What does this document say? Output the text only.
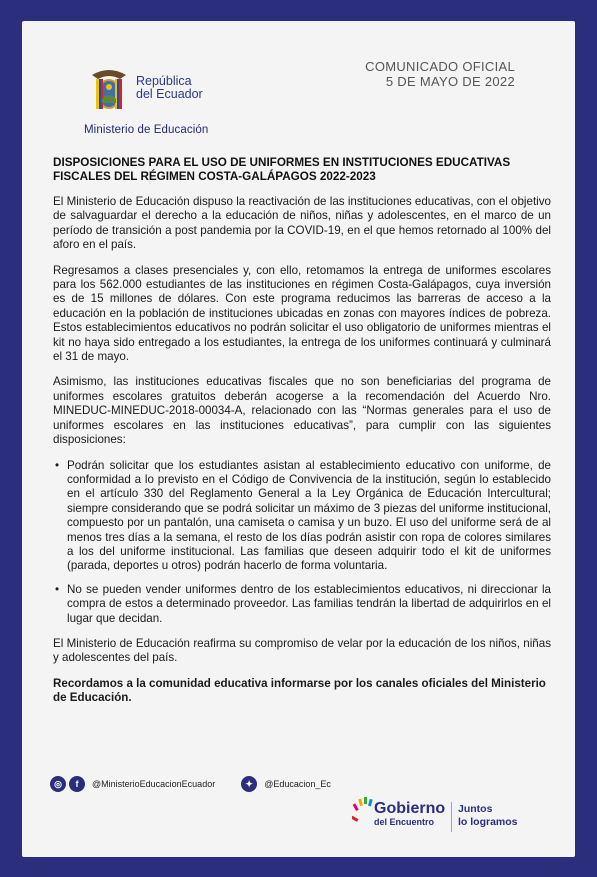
República
del Ecuador
Ministerio de Educación
COMUNICADO OFICIAL
5 DE MAYO DE 2022
DISPOSICIONES PARA EL USO DE UNIFORMES EN INSTITUCIONES EDUCATIVAS FISCALES DEL RÉGIMEN COSTA-GALÁPAGOS 2022-2023

El Ministerio de Educación dispuso la reactivación de las instituciones educativas, con el objetivo de salvaguardar el derecho a la educación de niños, niñas y adolescentes, en el marco de un período de transición a post pandemia por la COVID-19, en el que hemos retornado al 100% del aforo en el país.

Regresamos a clases presenciales y, con ello, retomamos la entrega de uniformes escolares para los 562.000 estudiantes de las instituciones en régimen Costa-Galápagos, cuya inversión es de 15 millones de dólares. Con este programa reducimos las barreras de acceso a la educación en la población de instituciones ubicadas en zonas con mayores índices de pobreza. Estos establecimientos educativos no podrán solicitar el uso obligatorio de uniformes mientras el kit no haya sido entregado a los estudiantes, la entrega de los uniformes continuará y culminará el 31 de mayo.

Asimismo, las instituciones educativas fiscales que no son beneficiarias del programa de uniformes escolares gratuitos deberán acogerse a la recomendación del Acuerdo Nro. MINEDUC-MINEDUC-2018-00034-A, relacionado con las “Normas generales para el uso de uniformes escolares en las instituciones educativas”, para cumplir con las siguientes disposiciones:

• Podrán solicitar que los estudiantes asistan al establecimiento educativo con uniforme, de conformidad a lo previsto en el Código de Convivencia de la institución, según lo establecido en el artículo 330 del Reglamento General a la Ley Orgánica de Educación Intercultural; siempre considerando que se podrá solicitar un máximo de 3 piezas del uniforme institucional, compuesto por un pantalón, una camiseta o camisa y un buzo. El uso del uniforme será de al menos tres días a la semana, el resto de los días podrán asistir con ropa de colores similares a los del uniforme institucional. Las familias que deseen adquirir todo el kit de uniformes (parada, deportes u otros) podrán hacerlo de forma voluntaria.
• No se pueden vender uniformes dentro de los establecimientos educativos, ni direccionar la compra de estos a determinado proveedor. Las familias tendrán la libertad de adquirirlos en el lugar que decidan.

El Ministerio de Educación reafirma su compromiso de velar por la educación de los niños, niñas y adolescentes del país.

Recordamos a la comunidad educativa informarse por los canales oficiales del Ministerio de Educación.

◎	f	@MinisterioEducacionEcuador	✦	@Educacion_Ec
Gobierno
del Encuentro
Juntos
lo logramos
